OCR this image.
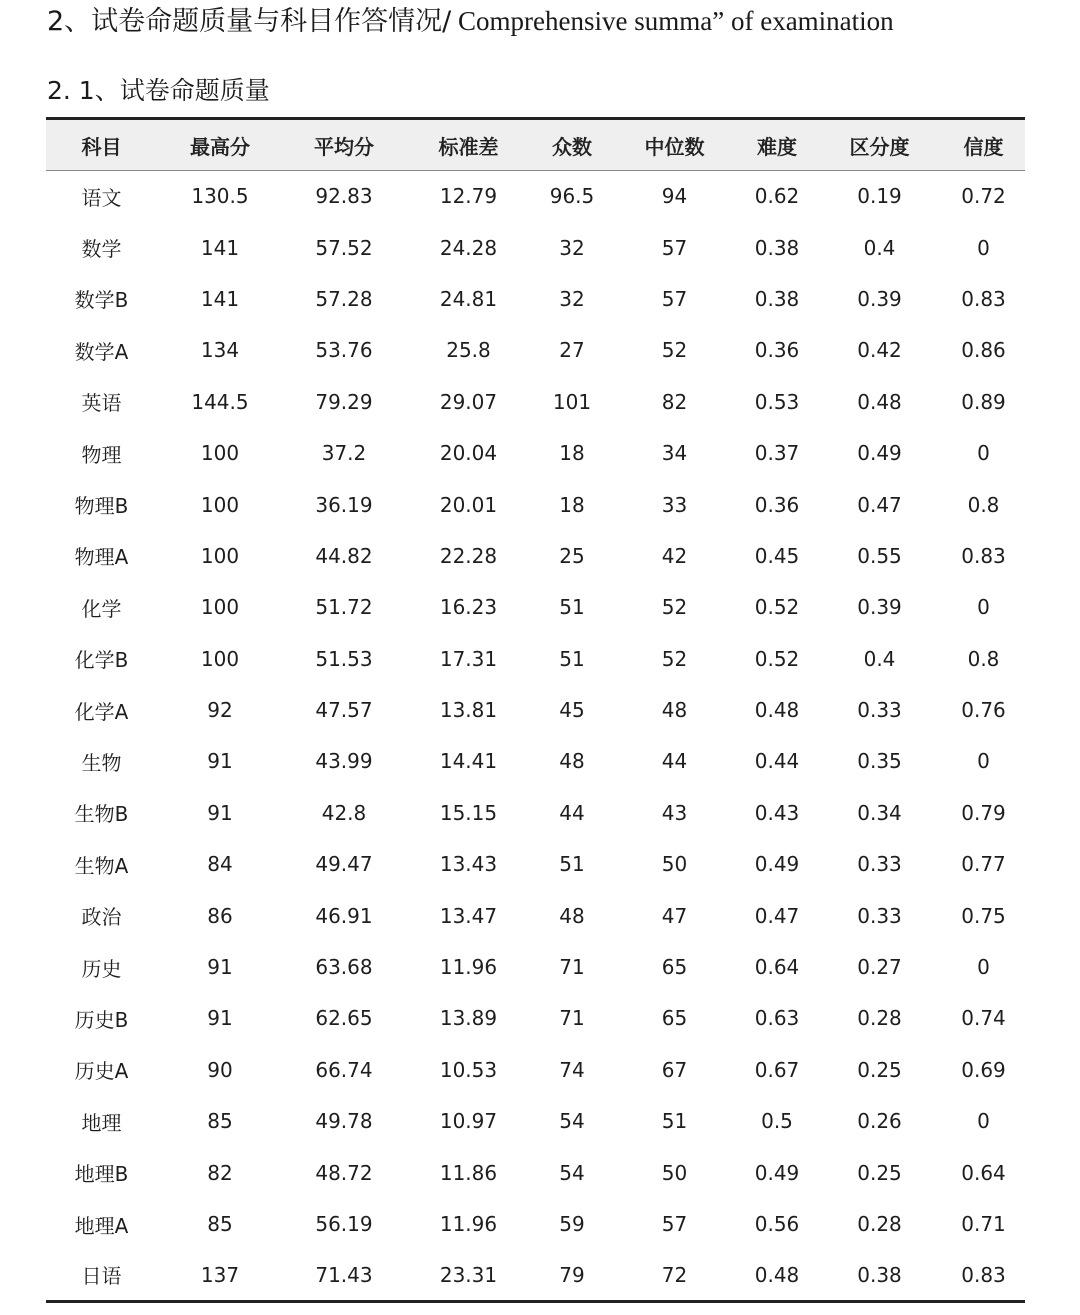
2、试卷命题质量与科目作答情况/ Comprehensive summa” of examination
2. 1、试卷命题质量
科目	最高分	平均分	标准差	众数	中位数	难度	区分度	信度
语文	130.5	92.83	12.79	96.5	94	0.62	0.19	0.72
数学	141	57.52	24.28	32	57	0.38	0.4	0
数学B	141	57.28	24.81	32	57	0.38	0.39	0.83
数学A	134	53.76	25.8	27	52	0.36	0.42	0.86
英语	144.5	79.29	29.07	101	82	0.53	0.48	0.89
物理	100	37.2	20.04	18	34	0.37	0.49	0
物理B	100	36.19	20.01	18	33	0.36	0.47	0.8
物理A	100	44.82	22.28	25	42	0.45	0.55	0.83
化学	100	51.72	16.23	51	52	0.52	0.39	0
化学B	100	51.53	17.31	51	52	0.52	0.4	0.8
化学A	92	47.57	13.81	45	48	0.48	0.33	0.76
生物	91	43.99	14.41	48	44	0.44	0.35	0
生物B	91	42.8	15.15	44	43	0.43	0.34	0.79
生物A	84	49.47	13.43	51	50	0.49	0.33	0.77
政治	86	46.91	13.47	48	47	0.47	0.33	0.75
历史	91	63.68	11.96	71	65	0.64	0.27	0
历史B	91	62.65	13.89	71	65	0.63	0.28	0.74
历史A	90	66.74	10.53	74	67	0.67	0.25	0.69
地理	85	49.78	10.97	54	51	0.5	0.26	0
地理B	82	48.72	11.86	54	50	0.49	0.25	0.64
地理A	85	56.19	11.96	59	57	0.56	0.28	0.71
日语	137	71.43	23.31	79	72	0.48	0.38	0.83
